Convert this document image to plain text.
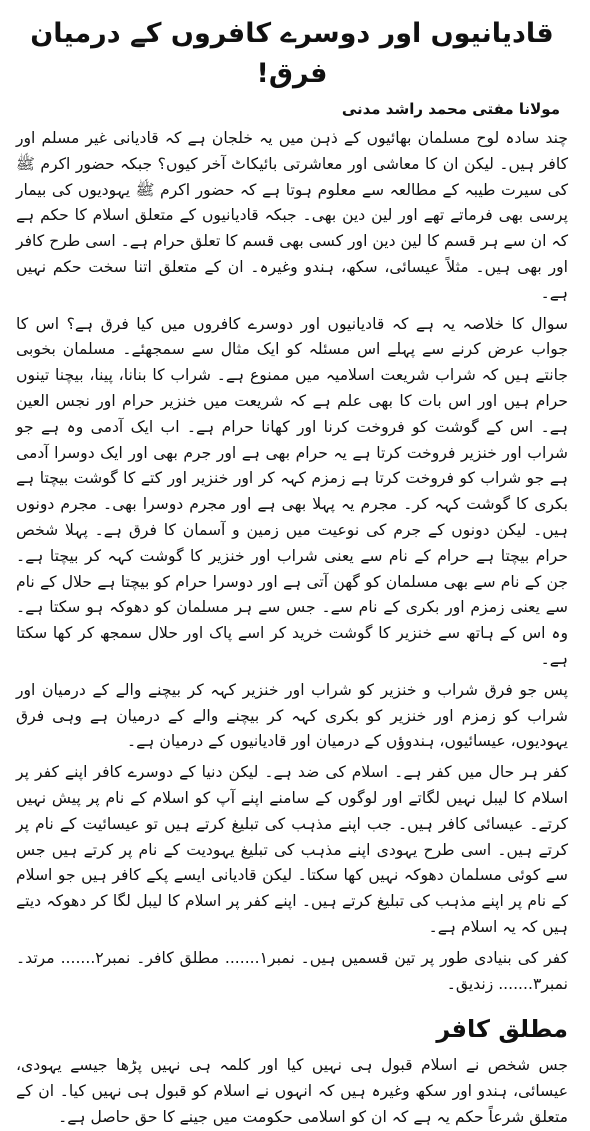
قادیانیوں اور دوسرے کافروں کے درمیان فرق!
مولانا مفتی محمد راشد مدنی

چند سادہ لوح مسلمان بھائیوں کے ذہن میں یہ خلجان ہے کہ قادیانی غیر مسلم اور کافر ہیں۔ لیکن ان کا معاشی اور معاشرتی بائیکاٹ آخر کیوں؟ جبکہ حضور اکرم ﷺ کی سیرت طیبہ کے مطالعہ سے معلوم ہوتا ہے کہ حضور اکرم ﷺ یہودیوں کی بیمار پرسی بھی فرماتے تھے اور لین دین بھی۔ جبکہ قادیانیوں کے متعلق اسلام کا حکم ہے کہ ان سے ہر قسم کا لین دین اور کسی بھی قسم کا تعلق حرام ہے۔ اسی طرح کافر اور بھی ہیں۔ مثلاً عیسائی، سکھ، ہندو وغیرہ۔ ان کے متعلق اتنا سخت حکم نہیں ہے۔

سوال کا خلاصہ یہ ہے کہ قادیانیوں اور دوسرے کافروں میں کیا فرق ہے؟ اس کا جواب عرض کرنے سے پہلے اس مسئلہ کو ایک مثال سے سمجھئے۔ مسلمان بخوبی جانتے ہیں کہ شراب شریعت اسلامیہ میں ممنوع ہے۔ شراب کا بنانا، پینا، بیچنا تینوں حرام ہیں اور اس بات کا بھی علم ہے کہ شریعت میں خنزیر حرام اور نجس العین ہے۔ اس کے گوشت کو فروخت کرنا اور کھانا حرام ہے۔ اب ایک آدمی وہ ہے جو شراب اور خنزیر فروخت کرتا ہے یہ حرام بھی ہے اور جرم بھی اور ایک دوسرا آدمی ہے جو شراب کو فروخت کرتا ہے زمزم کہہ کر اور خنزیر اور کتے کا گوشت بیچتا ہے بکری کا گوشت کہہ کر۔ مجرم یہ پہلا بھی ہے اور مجرم دوسرا بھی۔ مجرم دونوں ہیں۔ لیکن دونوں کے جرم کی نوعیت میں زمین و آسمان کا فرق ہے۔ پہلا شخص حرام بیچتا ہے حرام کے نام سے یعنی شراب اور خنزیر کا گوشت کہہ کر بیچتا ہے۔ جن کے نام سے بھی مسلمان کو گھن آتی ہے اور دوسرا حرام کو بیچتا ہے حلال کے نام سے یعنی زمزم اور بکری کے نام سے۔ جس سے ہر مسلمان کو دھوکہ ہو سکتا ہے۔ وہ اس کے ہاتھ سے خنزیر کا گوشت خرید کر اسے پاک اور حلال سمجھ کر کھا سکتا ہے۔

پس جو فرق شراب و خنزیر کو شراب اور خنزیر کہہ کر بیچنے والے کے درمیان اور شراب کو زمزم اور خنزیر کو بکری کہہ کر بیچنے والے کے درمیان ہے وہی فرق یہودیوں، عیسائیوں، ہندوؤں کے درمیان اور قادیانیوں کے درمیان ہے۔

کفر ہر حال میں کفر ہے۔ اسلام کی ضد ہے۔ لیکن دنیا کے دوسرے کافر اپنے کفر پر اسلام کا لیبل نہیں لگاتے اور لوگوں کے سامنے اپنے آپ کو اسلام کے نام پر پیش نہیں کرتے۔ عیسائی کافر ہیں۔ جب اپنے مذہب کی تبلیغ کرتے ہیں تو عیسائیت کے نام پر کرتے ہیں۔ اسی طرح یہودی اپنے مذہب کی تبلیغ یہودیت کے نام پر کرتے ہیں جس سے کوئی مسلمان دھوکہ نہیں کھا سکتا۔ لیکن قادیانی ایسے پکے کافر ہیں جو اسلام کے نام پر اپنے مذہب کی تبلیغ کرتے ہیں۔ اپنے کفر پر اسلام کا لیبل لگا کر دھوکہ دیتے ہیں کہ یہ اسلام ہے۔

کفر کی بنیادی طور پر تین قسمیں ہیں۔ نمبر۱....... مطلق کافر۔ نمبر۲....... مرتد۔ نمبر۳....... زندیق۔

مطلق کافر

جس شخص نے اسلام قبول ہی نہیں کیا اور کلمہ ہی نہیں پڑھا جیسے یہودی، عیسائی، ہندو اور سکھ وغیرہ ہیں کہ انہوں نے اسلام کو قبول ہی نہیں کیا۔ ان کے متعلق شرعاً حکم یہ ہے کہ ان کو اسلامی حکومت میں جینے کا حق حاصل ہے۔
